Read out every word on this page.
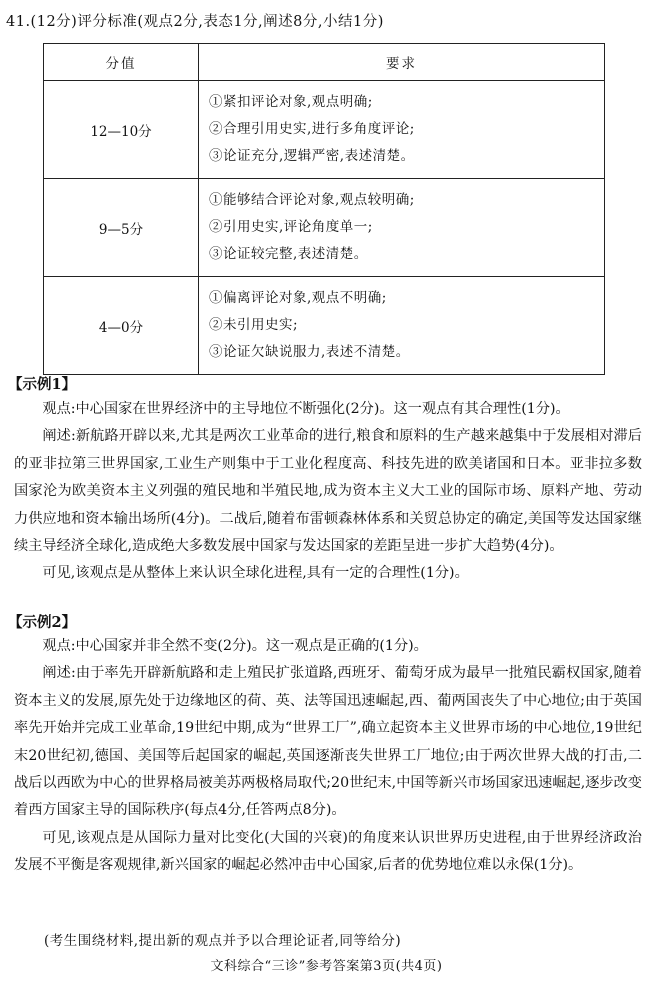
41.(12分)评分标准(观点2分,表态1分,阐述8分,小结1分)
分值	要求
12—10分	①紧扣评论对象,观点明确;
②合理引用史实,进行多角度评论;
③论证充分,逻辑严密,表述清楚。

9—5分	①能够结合评论对象,观点较明确;
②引用史实,评论角度单一;
③论证较完整,表述清楚。

4—0分	①偏离评论对象,观点不明确;
②未引用史实;
③论证欠缺说服力,表述不清楚。
【示例1】

观点:中心国家在世界经济中的主导地位不断强化(2分)。这一观点有其合理性(1分)。

阐述:新航路开辟以来,尤其是两次工业革命的进行,粮食和原料的生产越来越集中于发展相对滞后的亚非拉第三世界国家,工业生产则集中于工业化程度高、科技先进的欧美诸国和日本。亚非拉多数国家沦为欧美资本主义列强的殖民地和半殖民地,成为资本主义大工业的国际市场、原料产地、劳动力供应地和资本输出场所(4分)。二战后,随着布雷顿森林体系和关贸总协定的确定,美国等发达国家继续主导经济全球化,造成绝大多数发展中国家与发达国家的差距呈进一步扩大趋势(4分)。

可见,该观点是从整体上来认识全球化进程,具有一定的合理性(1分)。

【示例2】

观点:中心国家并非全然不变(2分)。这一观点是正确的(1分)。

阐述:由于率先开辟新航路和走上殖民扩张道路,西班牙、葡萄牙成为最早一批殖民霸权国家,随着资本主义的发展,原先处于边缘地区的荷、英、法等国迅速崛起,西、葡两国丧失了中心地位;由于英国率先开始并完成工业革命,19世纪中期,成为“世界工厂”,确立起资本主义世界市场的中心地位,19世纪末20世纪初,德国、美国等后起国家的崛起,英国逐渐丧失世界工厂地位;由于两次世界大战的打击,二战后以西欧为中心的世界格局被美苏两极格局取代;20世纪末,中国等新兴市场国家迅速崛起,逐步改变着西方国家主导的国际秩序(每点4分,任答两点8分)。

可见,该观点是从国际力量对比变化(大国的兴衰)的角度来认识世界历史进程,由于世界经济政治发展不平衡是客观规律,新兴国家的崛起必然冲击中心国家,后者的优势地位难以永保(1分)。

(考生围绕材料,提出新的观点并予以合理论证者,同等给分)
文科综合“三诊”参考答案第3页(共4页)
